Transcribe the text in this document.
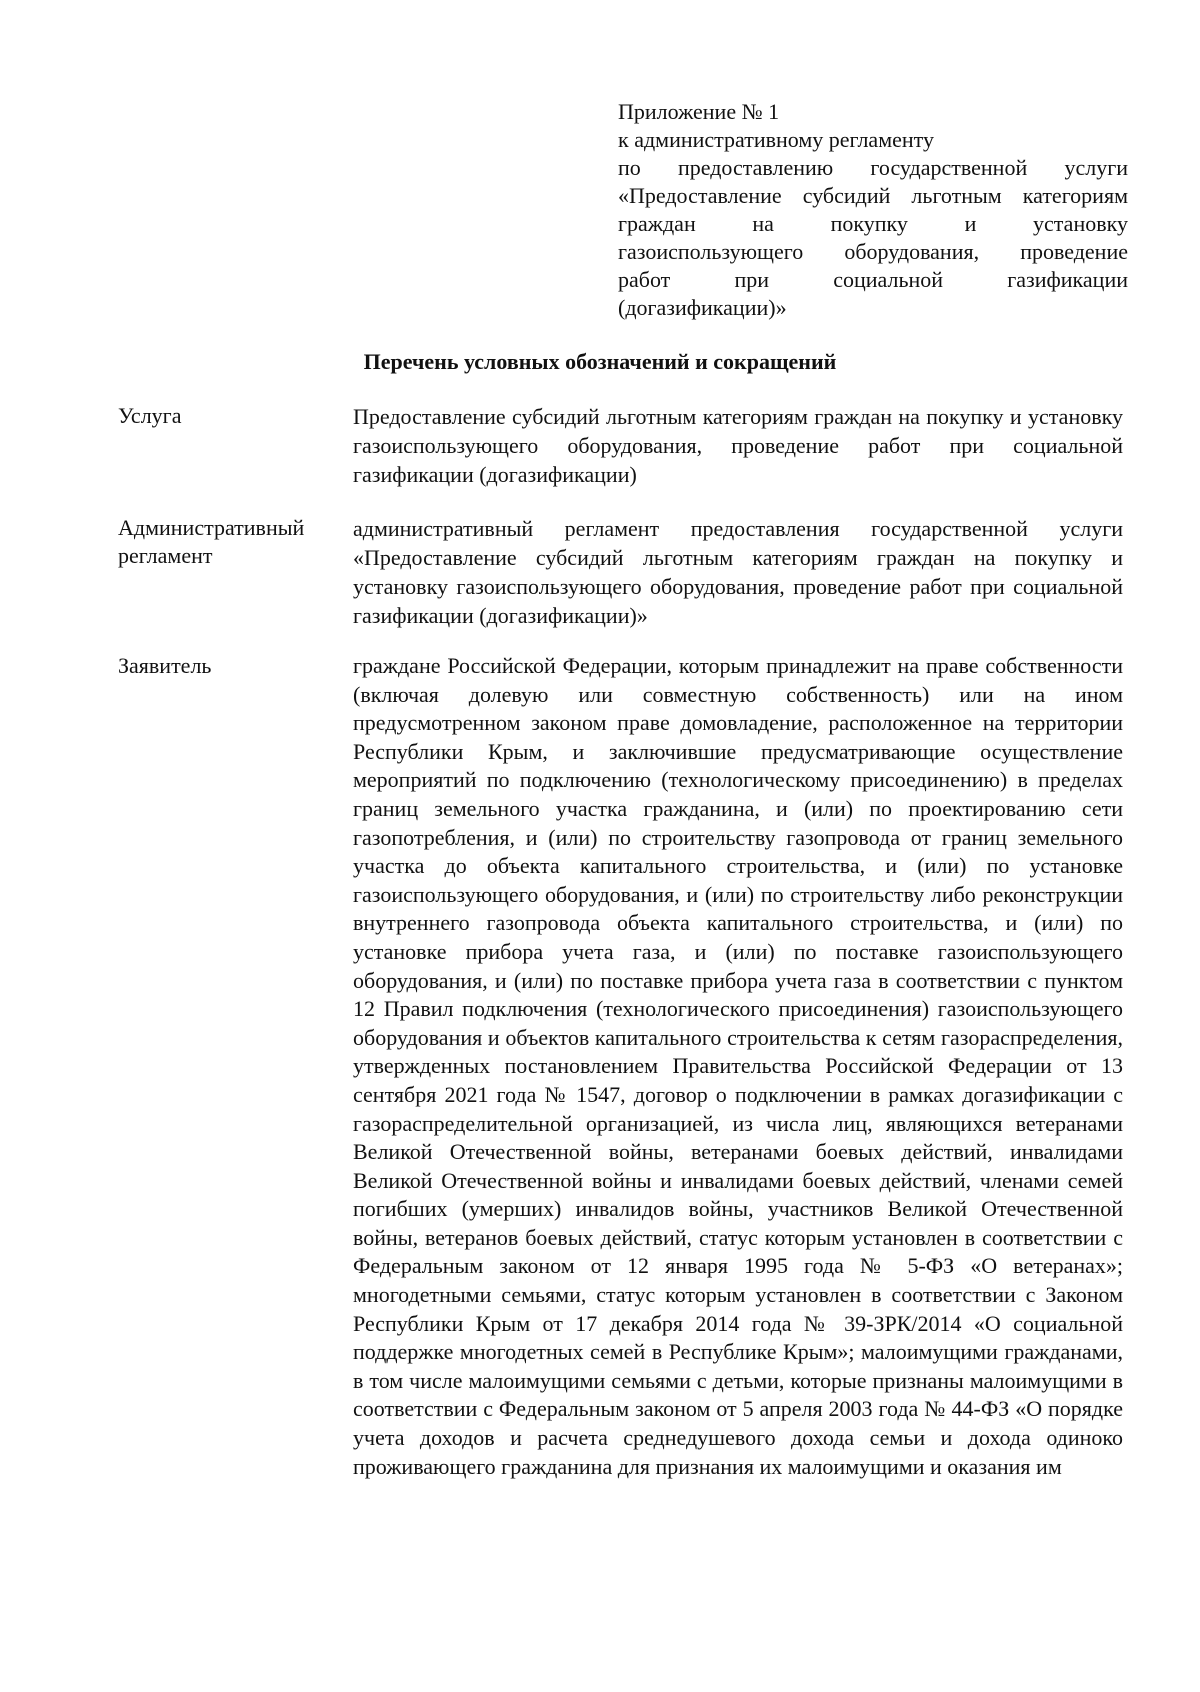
Приложение № 1
к административному регламенту
по предоставлению государственной услуги
«Предоставление субсидий льготным категориям
граждан на покупку и установку
газоиспользующего оборудования, проведение
работ при социальной газификации
(догазификации)»
Перечень условных обозначений и сокращений
Услуга	Предоставление субсидий льготным категориям граждан на покупку и установку газоиспользующего оборудования, проведение работ при социальной газификации (догазификации)
Административный
регламент
административный регламент предоставления государственной услуги «Предоставление субсидий льготным категориям граждан на покупку и установку газоиспользующего оборудования, проведение работ при социальной газификации (догазификации)»
Заявитель	граждане Российской Федерации, которым принадлежит на праве собственности (включая долевую или совместную собственность) или на ином предусмотренном законом праве домовладение, расположенное на территории Республики Крым, и заключившие предусматривающие осуществление мероприятий по подключению (технологическому присоединению) в пределах границ земельного участка гражданина, и (или) по проектированию сети газопотребления, и (или) по строительству газопровода от границ земельного участка до объекта капитального строительства, и (или) по установке газоиспользующего оборудования, и (или) по строительству либо реконструкции внутреннего газопровода объекта капитального строительства, и (или) по установке прибора учета газа, и (или) по поставке газоиспользующего оборудования, и (или) по поставке прибора учета газа в соответствии с пунктом 12 Правил подключения (технологического присоединения) газоиспользующего оборудования и объектов капитального строительства к сетям газораспределения, утвержденных постановлением Правительства Российской Федерации от 13 сентября 2021 года № 1547, договор о подключении в рамках догазификации с газораспределительной организацией, из числа лиц, являющихся ветеранами Великой Отечественной войны, ветеранами боевых действий, инвалидами Великой Отечественной войны и инвалидами боевых действий, членами семей погибших (умерших) инвалидов войны, участников Великой Отечественной войны, ветеранов боевых действий, статус которым установлен в соответствии с Федеральным законом от 12 января 1995 года № 5-ФЗ «О ветеранах»; многодетными семьями, статус которым установлен в соответствии с Законом Республики Крым от 17 декабря 2014 года № 39-ЗРК/2014 «О социальной поддержке многодетных семей в Республике Крым»; малоимущими гражданами, в том числе малоимущими семьями с детьми, которые признаны малоимущими в соответствии с Федеральным законом от 5 апреля 2003 года № 44-ФЗ «О порядке учета доходов и расчета среднедушевого дохода семьи и дохода одиноко проживающего гражданина для признания их малоимущими и оказания им
